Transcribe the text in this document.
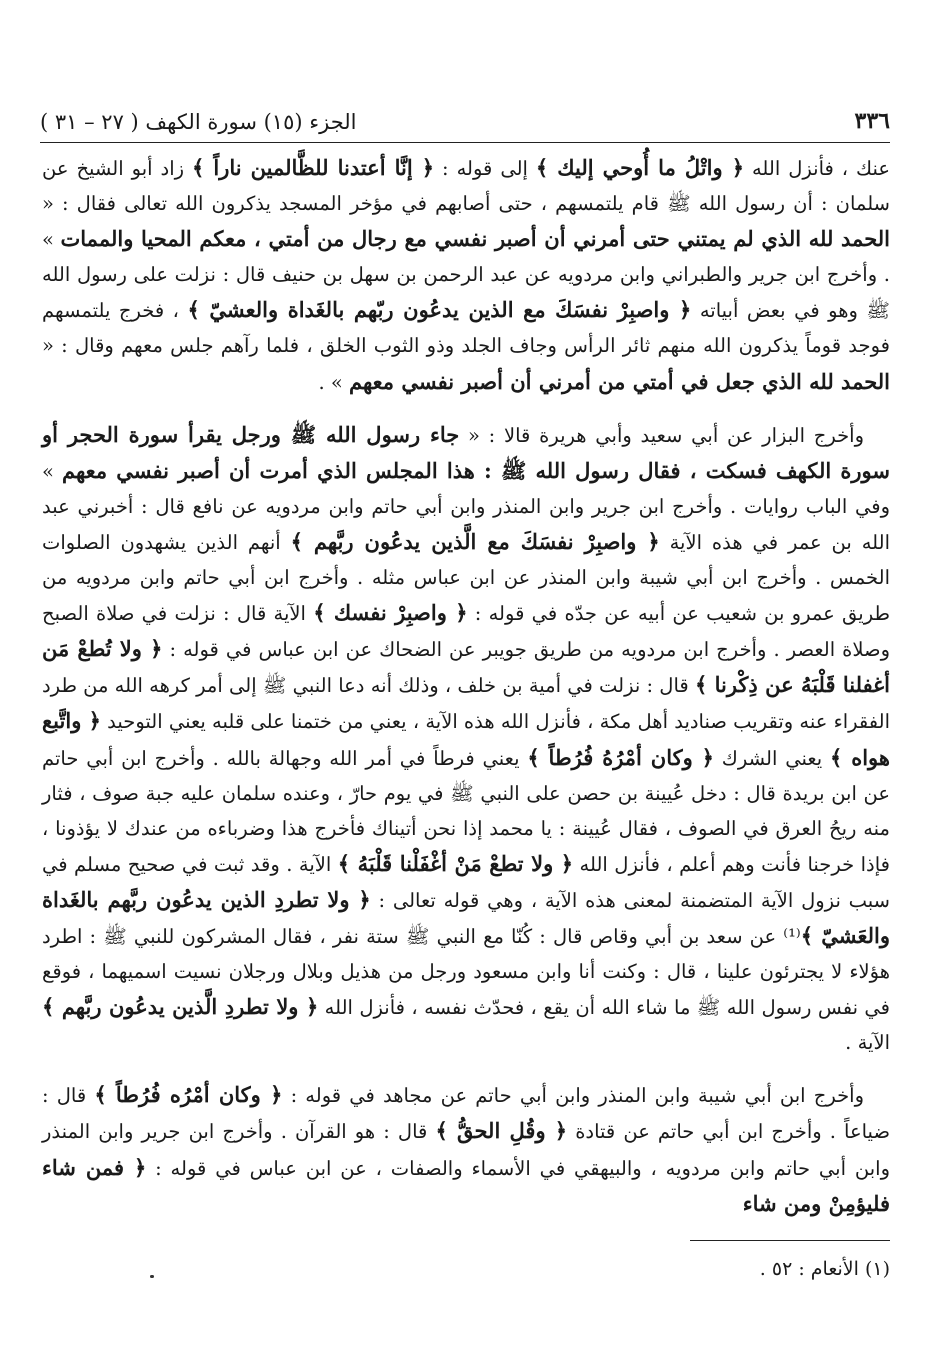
٣٣٦
الجزء (١٥) سورة الكهف ( ٢٧ – ٣١ )

عنك ، فأنزل الله ﴿ واتْلُ ما أُوحي إليك ﴾ إلى قوله : ﴿ إنَّا أعتدنا للظَّالمين ناراً ﴾ زاد أبو الشيخ عن سلمان : أن رسول الله ﷺ قام يلتمسهم ، حتى أصابهم في مؤخر المسجد يذكرون الله تعالى فقال : « الحمد لله الذي لم يمتني حتى أمرني أن أصبر نفسي مع رجال من أمتي ، معكم المحيا والممات » . وأخرج ابن جرير والطبراني وابن مردويه عن عبد الرحمن بن سهل بن حنيف قال : نزلت على رسول الله ﷺ وهو في بعض أبياته ﴿ واصبِرْ نفسَكَ مع الذين يدعُون ربّهم بالغَداة والعشيّ ﴾ ، فخرج يلتمسهم فوجد قوماً يذكرون الله منهم ثائر الرأس وجاف الجلد وذو الثوب الخلق ، فلما رآهم جلس معهم وقال : « الحمد لله الذي جعل في أمتي من أمرني أن أصبر نفسي معهم » .

وأخرج البزار عن أبي سعيد وأبي هريرة قالا : « جاء رسول الله ﷺ ورجل يقرأ سورة الحجر أو سورة الكهف فسكت ، فقال رسول الله ﷺ : هذا المجلس الذي أمرت أن أصبر نفسي معهم » وفي الباب روايات . وأخرج ابن جرير وابن المنذر وابن أبي حاتم وابن مردويه عن نافع قال : أخبرني عبد الله بن عمر في هذه الآية ﴿ واصبِرْ نفسَكَ مع الَّذين يدعُون ربَّهم ﴾ أنهم الذين يشهدون الصلوات الخمس . وأخرج ابن أبي شيبة وابن المنذر عن ابن عباس مثله . وأخرج ابن أبي حاتم وابن مردويه من طريق عمرو بن شعيب عن أبيه عن جدّه في قوله : ﴿ واصبِرْ نفسك ﴾ الآية قال : نزلت في صلاة الصبح وصلاة العصر . وأخرج ابن مردويه من طريق جويبر عن الضحاك عن ابن عباس في قوله : ﴿ ولا تُطعْ مَن أغفلنا قَلْبَهُ عن ذِكْرنا ﴾ قال : نزلت في أمية بن خلف ، وذلك أنه دعا النبي ﷺ إلى أمر كرهه الله من طرد الفقراء عنه وتقريب صناديد أهل مكة ، فأنزل الله هذه الآية ، يعني من ختمنا على قلبه يعني التوحيد ﴿ واتَّبع هواه ﴾ يعني الشرك ﴿ وكان أمْرُهُ فُرُطاً ﴾ يعني فرطاً في أمر الله وجهالة بالله . وأخرج ابن أبي حاتم عن ابن بريدة قال : دخل عُيينة بن حصن على النبي ﷺ في يوم حارّ ، وعنده سلمان عليه جبة صوف ، فثار منه ريحُ العرق في الصوف ، فقال عُيينة : يا محمد إذا نحن أتيناك فأخرج هذا وضرباءه من عندك لا يؤذونا ، فإذا خرجنا فأنت وهم أعلم ، فأنزل الله ﴿ ولا تطعْ مَنْ أغْفَلْنا قَلْبَهُ ﴾ الآية . وقد ثبت في صحيح مسلم في سبب نزول الآية المتضمنة لمعنى هذه الآية ، وهي قوله تعالى : ﴿ ولا تطردِ الذين يدعُون ربَّهم بالغَداة والعَشيّ ﴾⁽¹⁾ عن سعد بن أبي وقاص قال : كُنّا مع النبي ﷺ ستة نفر ، فقال المشركون للنبي ﷺ : اطرد هؤلاء لا يجترئون علينا ، قال : وكنت أنا وابن مسعود ورجل من هذيل وبلال ورجلان نسيت اسميهما ، فوقع في نفس رسول الله ﷺ ما شاء الله أن يقع ، فحدّث نفسه ، فأنزل الله ﴿ ولا تطردِ الَّذين يدعُون ربَّهم ﴾ الآية .

وأخرج ابن أبي شيبة وابن المنذر وابن أبي حاتم عن مجاهد في قوله : ﴿ وكان أمْرُه فُرُطاً ﴾ قال : ضياعاً . وأخرج ابن أبي حاتم عن قتادة ﴿ وقُلِ الحقُّ ﴾ قال : هو القرآن . وأخرج ابن جرير وابن المنذر وابن أبي حاتم وابن مردويه ، والبيهقي في الأسماء والصفات ، عن ابن عباس في قوله : ﴿ فمن شاء فليؤمِنْ ومن شاء

(١) الأنعام : ٥٢ .
